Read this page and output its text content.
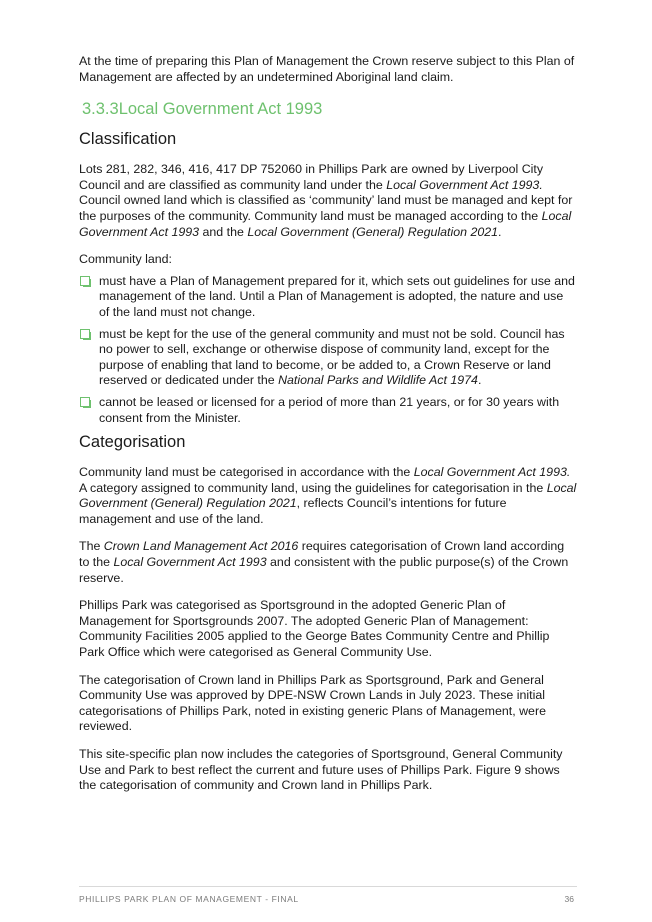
At the time of preparing this Plan of Management the Crown reserve subject to this Plan of Management are affected by an undetermined Aboriginal land claim.

3.3.3Local Government Act 1993
Classification

Lots 281, 282, 346, 416, 417 DP 752060 in Phillips Park are owned by Liverpool City Council and are classified as community land under the Local Government Act 1993. Council owned land which is classified as ‘community’ land must be managed and kept for the purposes of the community. Community land must be managed according to the Local Government Act 1993 and the Local Government (General) Regulation 2021.

Community land:

must have a Plan of Management prepared for it, which sets out guidelines for use and management of the land. Until a Plan of Management is adopted, the nature and use of the land must not change.
must be kept for the use of the general community and must not be sold. Council has no power to sell, exchange or otherwise dispose of community land, except for the purpose of enabling that land to become, or be added to, a Crown Reserve or land reserved or dedicated under the National Parks and Wildlife Act 1974.
cannot be leased or licensed for a period of more than 21 years, or for 30 years with consent from the Minister.
Categorisation

Community land must be categorised in accordance with the Local Government Act 1993. A category assigned to community land, using the guidelines for categorisation in the Local Government (General) Regulation 2021, reflects Council’s intentions for future management and use of the land.

The Crown Land Management Act 2016 requires categorisation of Crown land according to the Local Government Act 1993 and consistent with the public purpose(s) of the Crown reserve.

Phillips Park was categorised as Sportsground in the adopted Generic Plan of Management for Sportsgrounds 2007. The adopted Generic Plan of Management: Community Facilities 2005 applied to the George Bates Community Centre and Phillip Park Office which were categorised as General Community Use.

The categorisation of Crown land in Phillips Park as Sportsground, Park and General Community Use was approved by DPE-NSW Crown Lands in July 2023. These initial categorisations of Phillips Park, noted in existing generic Plans of Management, were reviewed.

This site-specific plan now includes the categories of Sportsground, General Community Use and Park to best reflect the current and future uses of Phillips Park. Figure 9 shows the categorisation of community and Crown land in Phillips Park.

PHILLIPS PARK PLAN OF MANAGEMENT - FINAL	36
